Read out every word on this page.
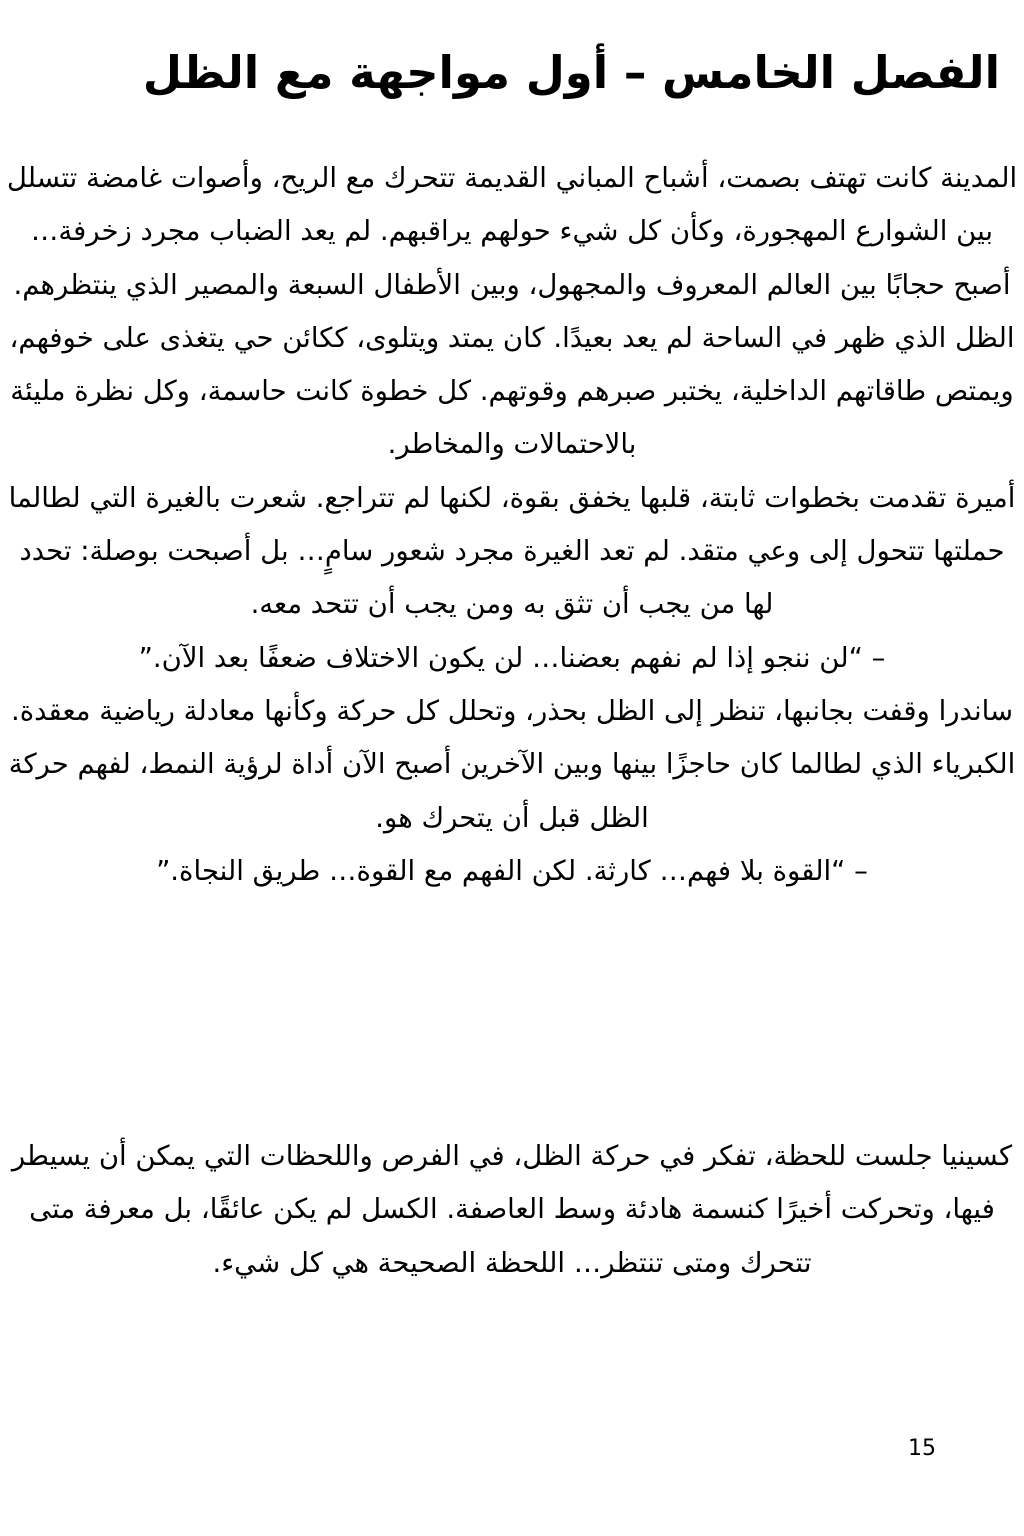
الفصل الخامس – أول مواجهة مع الظل

المدينة كانت تهتف بصمت، أشباح المباني القديمة تتحرك مع الريح، وأصوات غامضة تتسلل بين الشوارع المهجورة، وكأن كل شيء حولهم يراقبهم. لم يعد الضباب مجرد زخرفة… أصبح حجابًا بين العالم المعروف والمجهول، وبين الأطفال السبعة والمصير الذي ينتظرهم.

الظل الذي ظهر في الساحة لم يعد بعيدًا. كان يمتد ويتلوى، ككائن حي يتغذى على خوفهم، ويمتص طاقاتهم الداخلية، يختبر صبرهم وقوتهم. كل خطوة كانت حاسمة، وكل نظرة مليئة بالاحتمالات والمخاطر.

أميرة تقدمت بخطوات ثابتة، قلبها يخفق بقوة، لكنها لم تتراجع. شعرت بالغيرة التي لطالما حملتها تتحول إلى وعي متقد. لم تعد الغيرة مجرد شعور سامٍ… بل أصبحت بوصلة: تحدد لها من يجب أن تثق به ومن يجب أن تتحد معه.

– “لن ننجو إذا لم نفهم بعضنا… لن يكون الاختلاف ضعفًا بعد الآن.”

ساندرا وقفت بجانبها، تنظر إلى الظل بحذر، وتحلل كل حركة وكأنها معادلة رياضية معقدة. الكبرياء الذي لطالما كان حاجزًا بينها وبين الآخرين أصبح الآن أداة لرؤية النمط، لفهم حركة الظل قبل أن يتحرك هو.

– “القوة بلا فهم… كارثة. لكن الفهم مع القوة… طريق النجاة.”

كسينيا جلست للحظة، تفكر في حركة الظل، في الفرص واللحظات التي يمكن أن يسيطر فيها، وتحركت أخيرًا كنسمة هادئة وسط العاصفة. الكسل لم يكن عائقًا، بل معرفة متى تتحرك ومتى تنتظر… اللحظة الصحيحة هي كل شيء.

15
